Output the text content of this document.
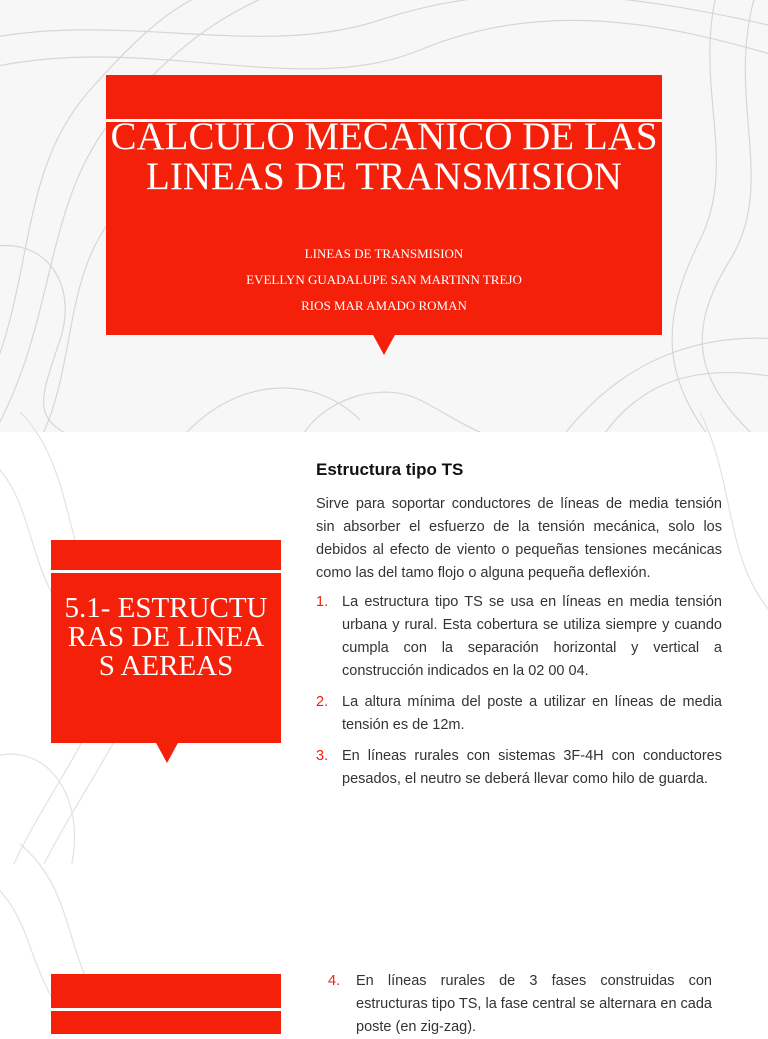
CALCULO MECANICO DE LAS LINEAS DE TRANSMISION
LINEAS DE TRANSMISION
EVELLYN GUADALUPE SAN MARTINN TREJO
RIOS MAR AMADO ROMAN
5.1- ESTRUCTURAS DE LINEAS AEREAS
Estructura tipo TS

Sirve para soportar conductores de líneas de media tensión sin absorber el esfuerzo de la tensión mecánica, solo los debidos al efecto de viento o pequeñas tensiones mecánicas como las del tamo flojo o alguna pequeña deflexión.

1. La estructura tipo TS se usa en líneas en media tensión urbana y rural. Esta cobertura se utiliza siempre y cuando cumpla con la separación horizontal y vertical a construcción indicados en la 02 00 04.
2. La altura mínima del poste a utilizar en líneas de media tensión es de 12m.
3. En líneas rurales con sistemas 3F-4H con conductores pesados, el neutro se deberá llevar como hilo de guarda.
4. En líneas rurales de 3 fases construidas con estructuras tipo TS, la fase central se alternara en cada poste (en zig-zag).
